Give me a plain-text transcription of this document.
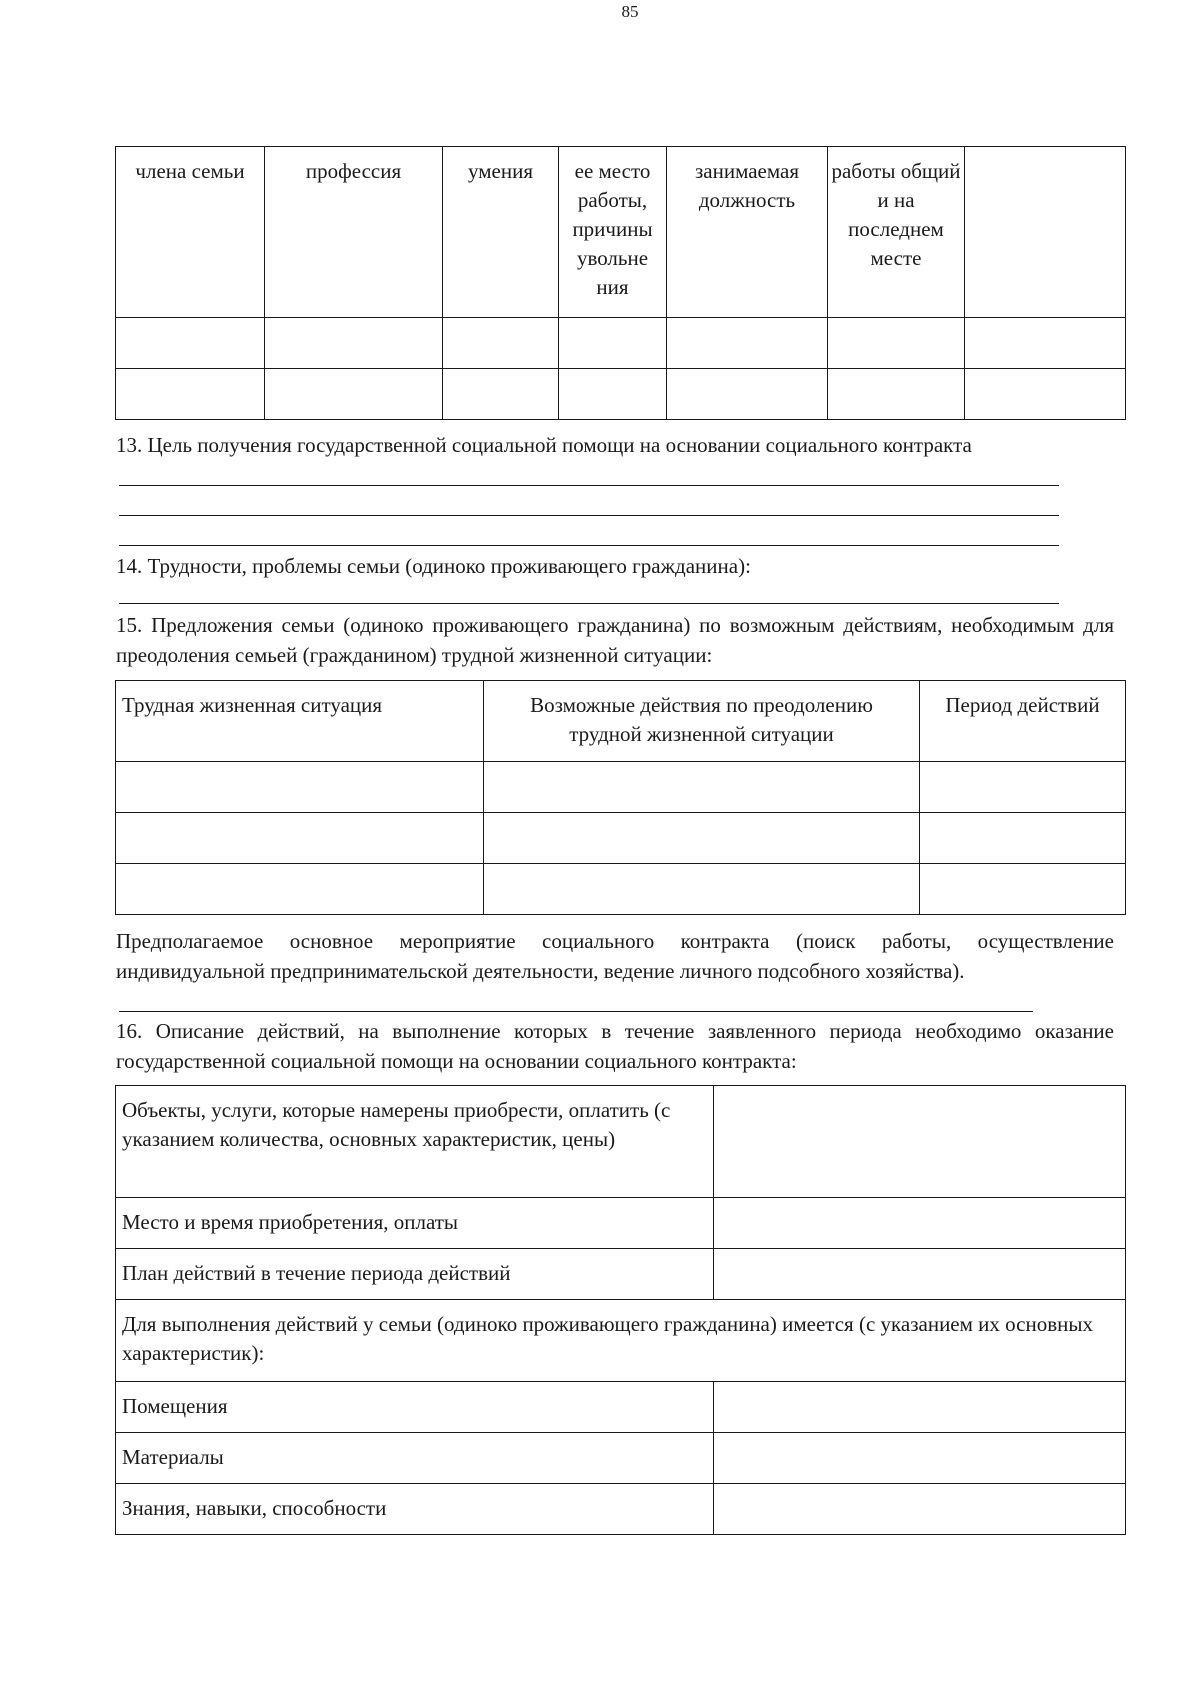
85
члена семьи	профессия	умения	ее место работы, причины увольне ния	занимаемая должность	работы общий и на последнем месте	

13. Цель получения государственной социальной помощи на основании социального контракта
14. Трудности, проблемы семьи (одиноко проживающего гражданина):
15. Предложения семьи (одиноко проживающего гражданина) по возможным действиям, необходимым для преодоления семьей (гражданином) трудной жизненной ситуации:
Трудная жизненная ситуация	Возможные действия по преодолению трудной жизненной ситуации	Период действий

Предполагаемое основное мероприятие социального контракта (поиск работы, осуществление индивидуальной предпринимательской деятельности, ведение личного подсобного хозяйства).
16. Описание действий, на выполнение которых в течение заявленного периода необходимо оказание государственной социальной помощи на основании социального контракта:
Объекты, услуги, которые намерены приобрести, оплатить (с указанием количества, основных характеристик, цены)	
Место и время приобретения, оплаты	
План действий в течение периода действий	
Для выполнения действий у семьи (одиноко проживающего гражданина) имеется (с указанием их основных характеристик):	
Помещения	
Материалы	
Знания, навыки, способности	
